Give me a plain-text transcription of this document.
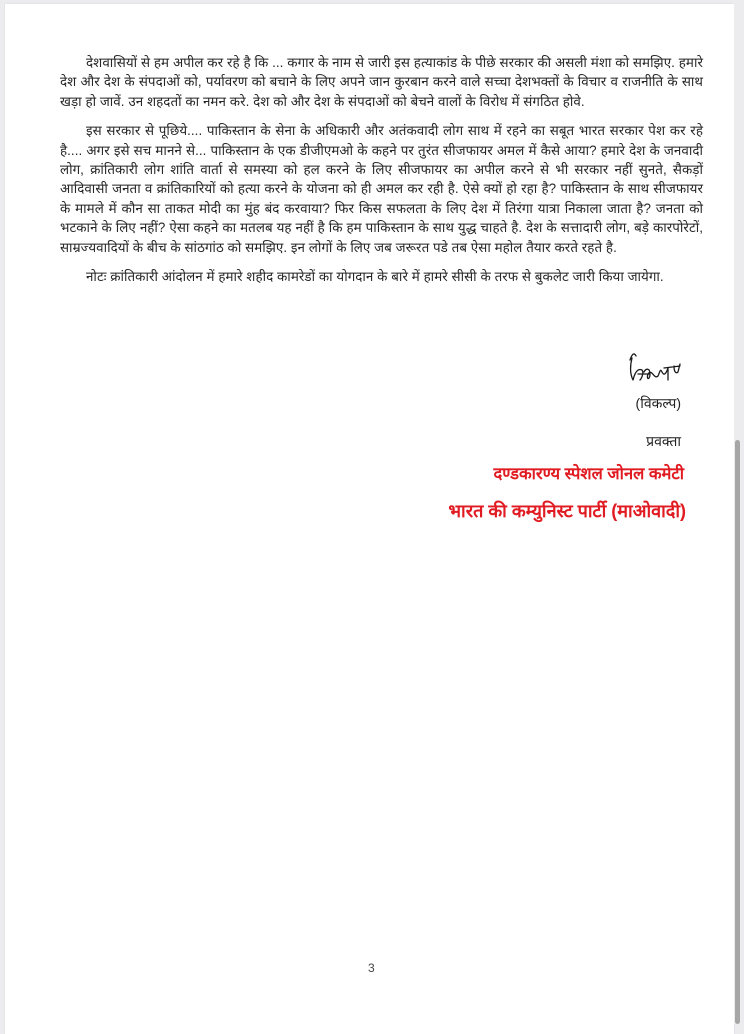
देशवासियों से हम अपील कर रहे है कि ... कगार के नाम से जारी इस हत्याकांड के पीछे सरकार की असली मंशा को समझिए. हमारे देश और देश के संपदाओं को, पर्यावरण को बचाने के लिए अपने जान कुरबान करने वाले सच्चा देशभक्तों के विचार व राजनीति के साथ खड़ा हो जावें. उन शहदतों का नमन करे. देश को और देश के संपदाओं को बेचने वालों के विरोध में संगठित होवे.

इस सरकार से पूछिये.... पाकिस्तान के सेना के अधिकारी और अतंकवादी लोग साथ में रहने का सबूत भारत सरकार पेश कर रहे है.... अगर इसे सच मानने से... पाकिस्तान के एक डीजीएमओ के कहने पर तुरंत सीजफायर अमल में कैसे आया? हमारे देश के जनवादी लोग, क्रांतिकारी लोग शांति वार्ता से समस्या को हल करने के लिए सीजफायर का अपील करने से भी सरकार नहीं सुनते, सैकड़ों आदिवासी जनता व क्रांतिकारियों को हत्या करने के योजना को ही अमल कर रही है. ऐसे क्यों हो रहा है? पाकिस्तान के साथ सीजफायर के मामले में कौन सा ताकत मोदी का मुंह बंद करवाया? फिर किस सफलता के लिए देश में तिरंगा यात्रा निकाला जाता है? जनता को भटकाने के लिए नहीं? ऐसा कहने का मतलब यह नहीं है कि हम पाकिस्तान के साथ युद्ध चाहते है. देश के सत्तादारी लोग, बड़े कारपोरेटों, साम्रज्यवादियों के बीच के सांठगांठ को समझिए. इन लोगों के लिए जब जरूरत पडे तब ऐसा महोल तैयार करते रहते है.

नोटः क्रांतिकारी आंदोलन में हमारे शहीद कामरेडों का योगदान के बारे में हामरे सीसी के तरफ से बुकलेट जारी किया जायेगा.

(विकल्प)
प्रवक्ता
दण्डकारण्य स्पेशल जोनल कमेटी
भारत की कम्युनिस्ट पार्टी (माओवादी)
3
